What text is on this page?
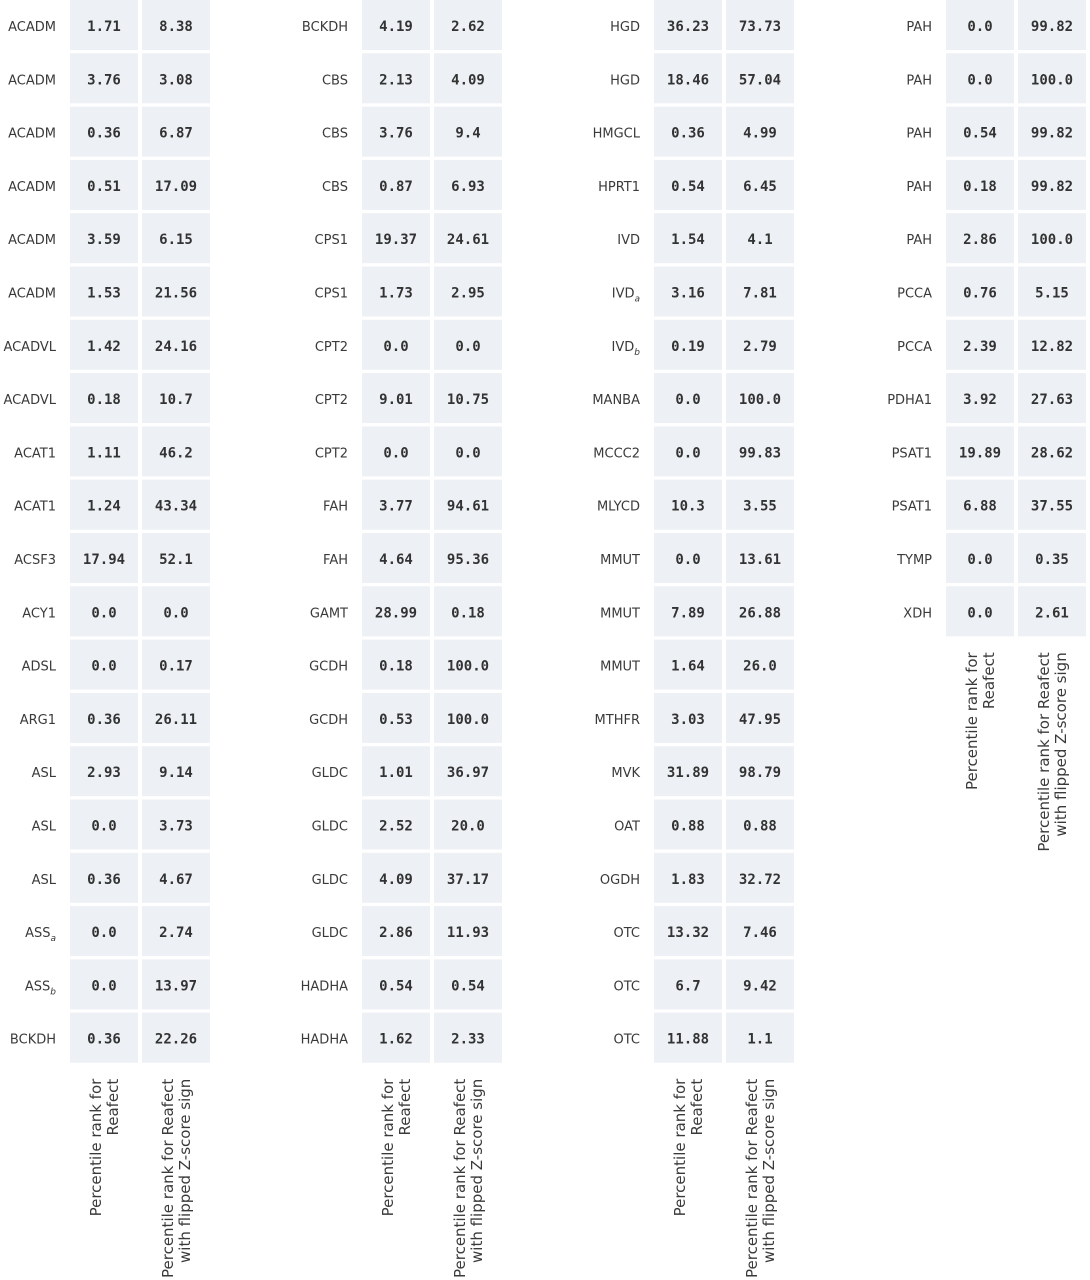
ACADM 1.71	8.38
ACADM 3.76	3.08
ACADM 0.36	6.87
ACADM 0.51 17.09
ACADM 3.59	6.15
ACADM 1.53 21.56
ACADVL 1.42 24.16
ACADVL 0.18	10.7
ACAT1 1.11	46.2
ACAT1 1.24 43.34
ACSF3 17.94 52.1
ACY1	0.0	0.0
ADSL	0.0	0.17
ARG1 0.36 26.11
ASL 2.93	9.14
ASL	0.0	3.73
ASL 0.36	4.67
$ASS_a$	0.0	2.74
$ASS_b$	0.0	13.97
BCKDH 0.36 22.26
Percentile rank forReafect Percentile rank for Reafectwith flipped Z-score sign
BCKDH 4.19	2.62
CBS 2.13	4.09
CBS 3.76	9.4
CBS 0.87	6.93
CPS1 19.37 24.61
CPS1 1.73	2.95
CPT2	0.0	0.0
CPT2 9.01 10.75
CPT2	0.0	0.0
FAH 3.77 94.61
FAH 4.64 95.36
GAMT 28.99 0.18
GCDH 0.18 100.0
GCDH 0.53 100.0
GLDC 1.01 36.97
GLDC 2.52	20.0
GLDC 4.09 37.17
GLDC 2.86 11.93
HADHA 0.54	0.54
HADHA 1.62	2.33
Percentile rank forReafect Percentile rank for Reafectwith flipped Z-score sign
HGD 36.23 73.73
HGD 18.46 57.04
HMGCL 0.36	4.99
HPRT1 0.54	6.45
IVD 1.54	4.1
$IVD_a$ 3.16	7.81
$IVD_b$ 0.19	2.79
MANBA	0.0	100.0
MCCC2	0.0	99.83
MLYCD 10.3	3.55
MMUT	0.0	13.61
MMUT 7.89 26.88
MMUT 1.64	26.0
MTHFR 3.03 47.95
MVK 31.89 98.79
OAT 0.88	0.88
OGDH 1.83 32.72
OTC 13.32 7.46
OTC	6.7	9.42
OTC 11.88	1.1
Percentile rank forReafect Percentile rank for Reafectwith flipped Z-score sign
PAH	0.0	99.82
PAH	0.0	100.0
PAH 0.54 99.82
PAH 0.18 99.82
PAH 2.86 100.0
PCCA 0.76	5.15
PCCA 2.39 12.82
PDHA1 3.92 27.63
PSAT1 19.89 28.62
PSAT1 6.88 37.55
TYMP	0.0	0.35
XDH	0.0	2.61
Percentile rank forReafect Percentile rank for Reafectwith flipped Z-score sign
